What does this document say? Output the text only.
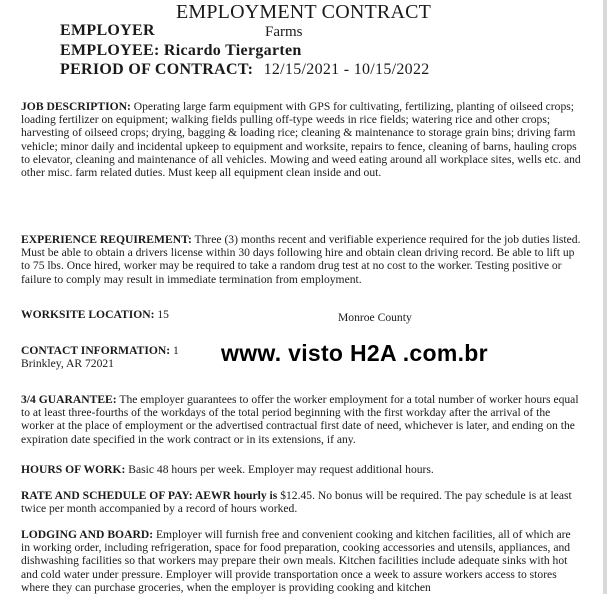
EMPLOYMENT CONTRACT
EMPLOYER	Farms
EMPLOYEE: Ricardo Tiergarten
PERIOD OF CONTRACT: 12/15/2021 - 10/15/2022

JOB DESCRIPTION: Operating large farm equipment with GPS for cultivating, fertilizing, planting of oilseed crops; loading fertilizer on equipment; walking fields pulling off-type weeds in rice fields; watering rice and other crops; harvesting of oilseed crops; drying, bagging & loading rice; cleaning & maintenance to storage grain bins; driving farm vehicle; minor daily and incidental upkeep to equipment and worksite, repairs to fence, cleaning of barns, hauling crops to elevator, cleaning and maintenance of all vehicles. Mowing and weed eating around all workplace sites, wells etc. and other misc. farm related duties. Must keep all equipment clean inside and out.

EXPERIENCE REQUIREMENT: Three (3) months recent and verifiable experience required for the job duties listed. Must be able to obtain a drivers license within 30 days following hire and obtain clean driving record. Be able to lift up to 75 lbs. Once hired, worker may be required to take a random drug test at no cost to the worker. Testing positive or failure to comply may result in immediate termination from employment.

WORKSITE LOCATION: 15	Monroe County

CONTACT INFORMATION: 1
Brinkley, AR 72021	www. visto H2A .com.br

3/4 GUARANTEE: The employer guarantees to offer the worker employment for a total number of worker hours equal to at least three-fourths of the workdays of the total period beginning with the first workday after the arrival of the worker at the place of employment or the advertised contractual first date of need, whichever is later, and ending on the expiration date specified in the work contract or in its extensions, if any.

HOURS OF WORK: Basic 48 hours per week. Employer may request additional hours.

RATE AND SCHEDULE OF PAY: AEWR hourly is $12.45. No bonus will be required. The pay schedule is at least twice per month accompanied by a record of hours worked.

LODGING AND BOARD: Employer will furnish free and convenient cooking and kitchen facilities, all of which are in working order, including refrigeration, space for food preparation, cooking accessories and utensils, appliances, and dishwashing facilities so that workers may prepare their own meals. Kitchen facilities include adequate sinks with hot and cold water under pressure. Employer will provide transportation once a week to assure workers access to stores where they can purchase groceries, when the employer is providing cooking and kitchen
